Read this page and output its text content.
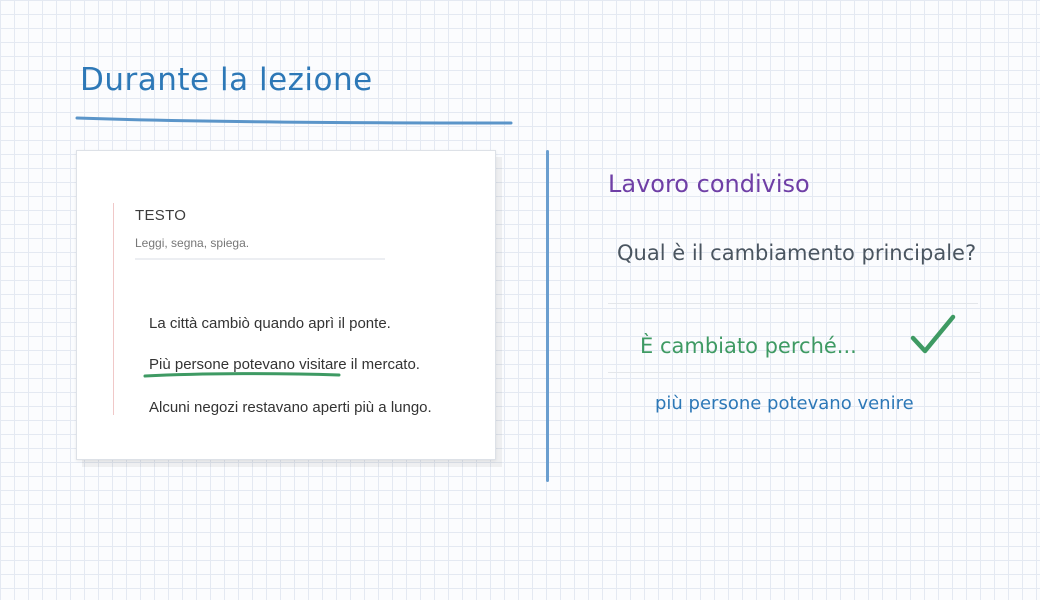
Durante la lezione
TESTO
Leggi, segna, spiega.

La città cambiò quando aprì il ponte.

Più persone potevano visitare il mercato.

Alcuni negozi restavano aperti più a lungo.

Lavoro condiviso

Qual è il cambiamento principale?

È cambiato perché...

più persone potevano venire
